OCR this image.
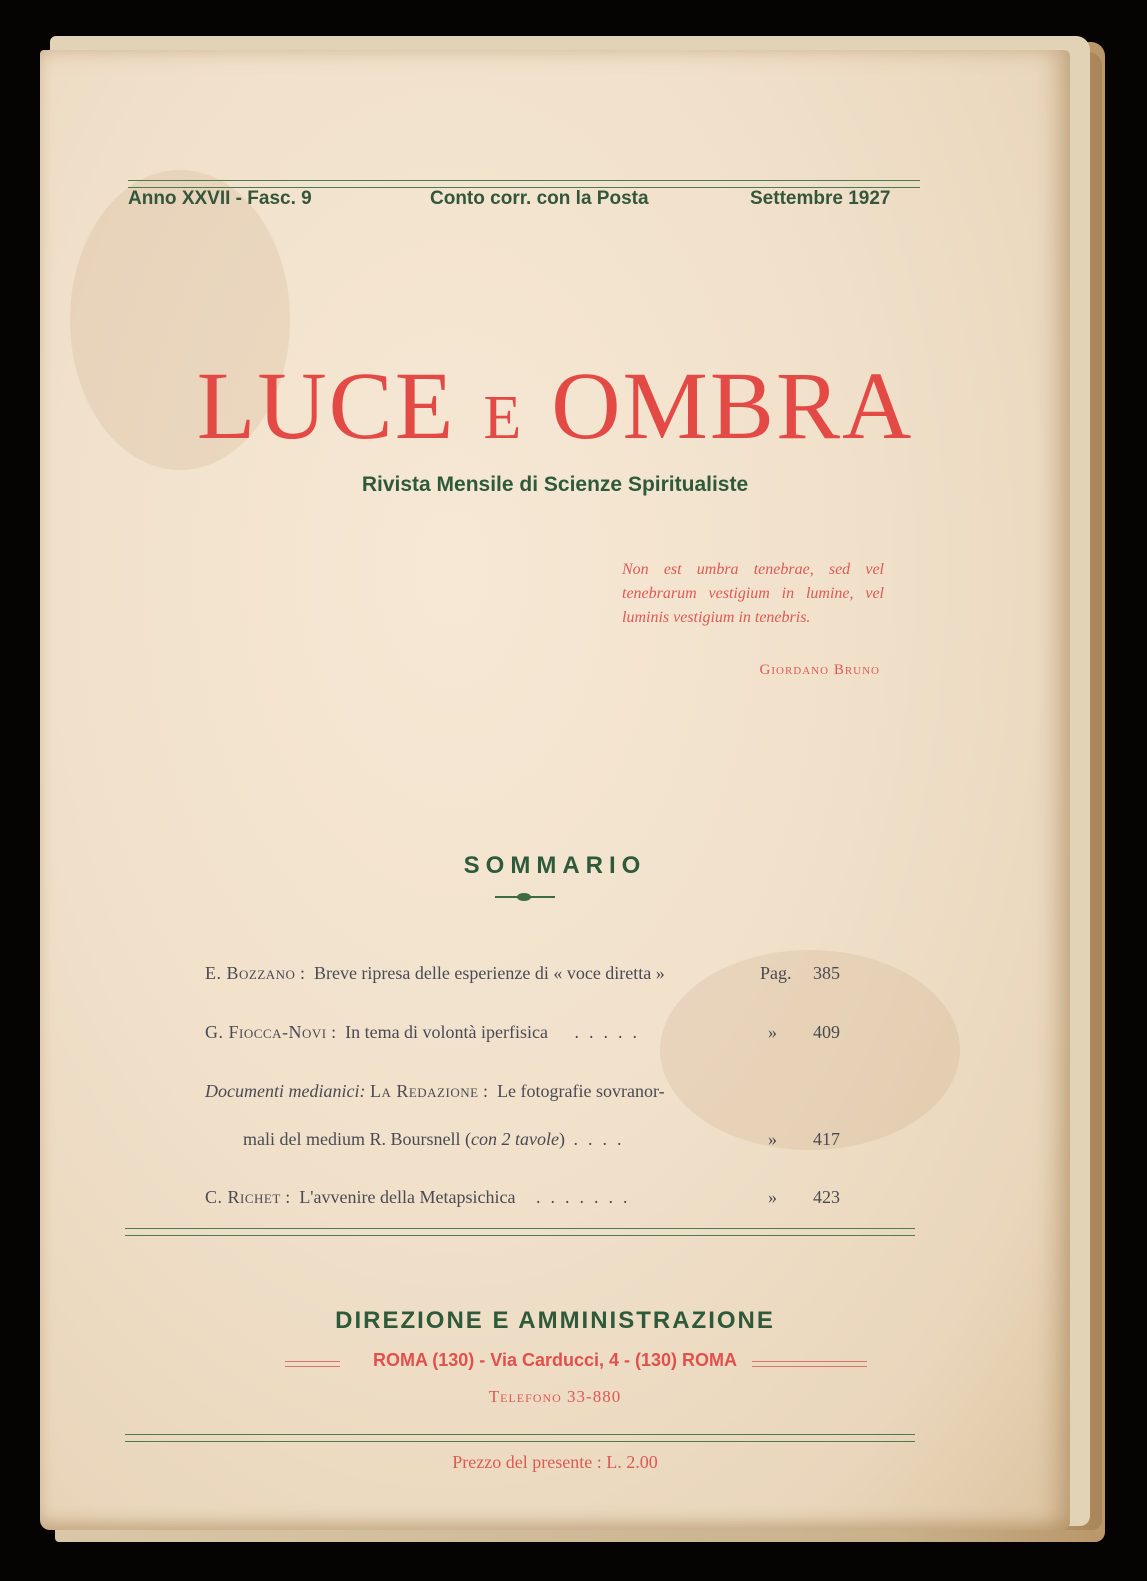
Anno XXVII - Fasc. 9	Conto corr. con la Posta	Settembre 1927
LUCE E OMBRA
Rivista Mensile di Scienze Spiritualiste
Non est umbra tenebrae, sed vel tenebrarum vestigium in lumine, vel luminis vestigium in tenebris.
Giordano Bruno
SOMMARIO
E. Bozzano :  Breve ripresa delle esperienze di « voce diretta »	Pag.	385
G. Fiocca-Novi :  In tema di volontà iperfisica .....	»	409
Documenti medianici: La Redazione :  Le fotografie sovranor-
mali del medium R. Boursnell (con 2 tavole) ....	»	417
C. Richet :  L'avvenire della Metapsichica .......	»	423
DIREZIONE E AMMINISTRAZIONE
ROMA (130) - Via Carducci, 4 - (130) ROMA
Telefono 33-880
Prezzo del presente : L. 2.00
